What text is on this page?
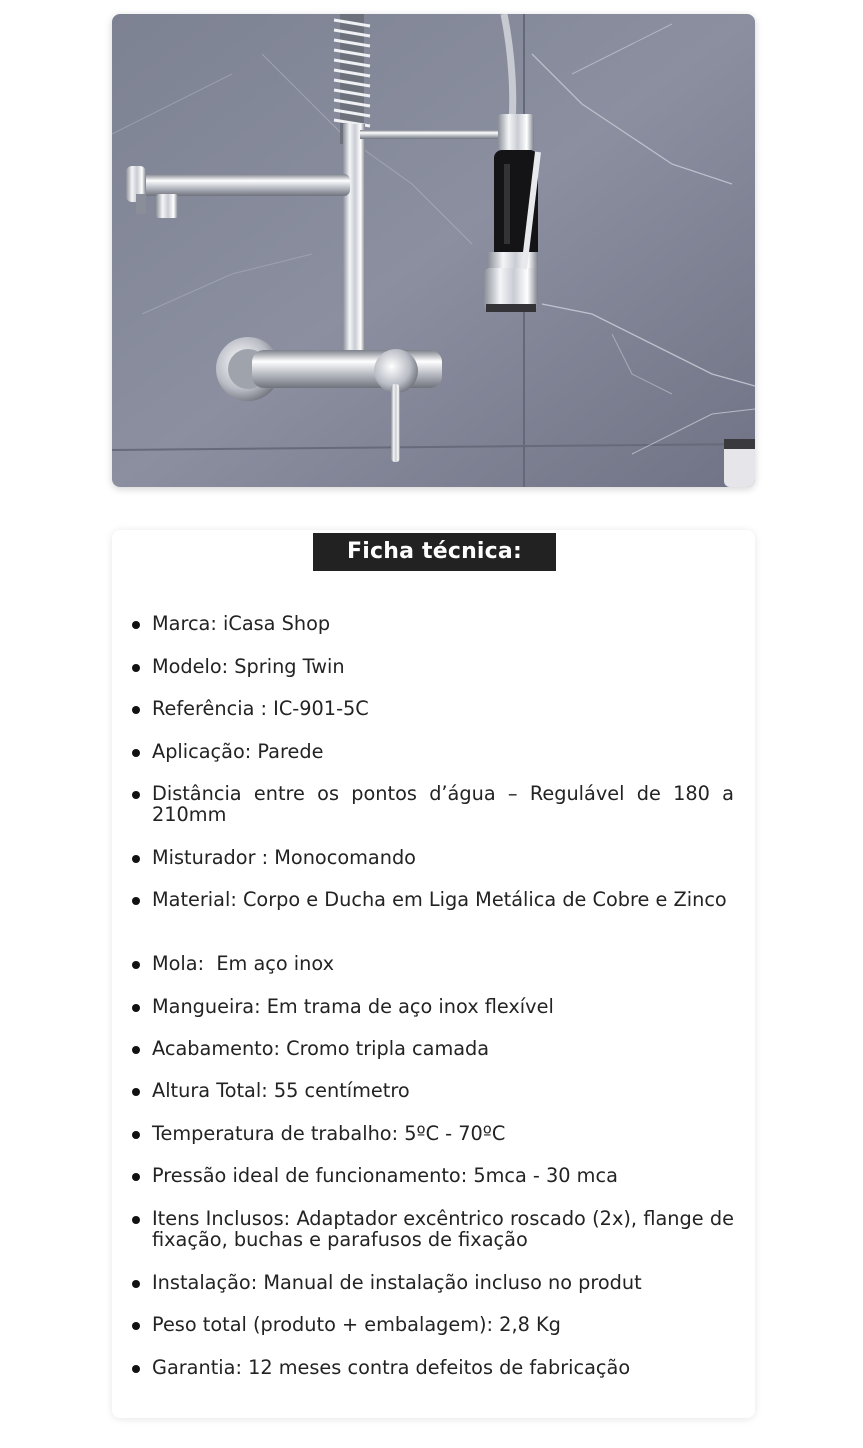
Ficha técnica:
Marca: iCasa Shop
Modelo: Spring Twin
Referência : IC-901-5C
Aplicação: Parede
Distância entre os pontos d’água – Regulável de 180 a 210mm
Misturador : Monocomando
Material: Corpo e Ducha em Liga Metálica de Cobre e Zinco
Mola:  Em aço inox
Mangueira: Em trama de aço inox flexível
Acabamento: Cromo tripla camada
Altura Total: 55 centímetro
Temperatura de trabalho: 5ºC - 70ºC
Pressão ideal de funcionamento: 5mca - 30 mca
Itens Inclusos: Adaptador excêntrico roscado (2x), flange de fixação, buchas e parafusos de fixação
Instalação: Manual de instalação incluso no produt
Peso total (produto + embalagem): 2,8 Kg
Garantia: 12 meses contra defeitos de fabricação
